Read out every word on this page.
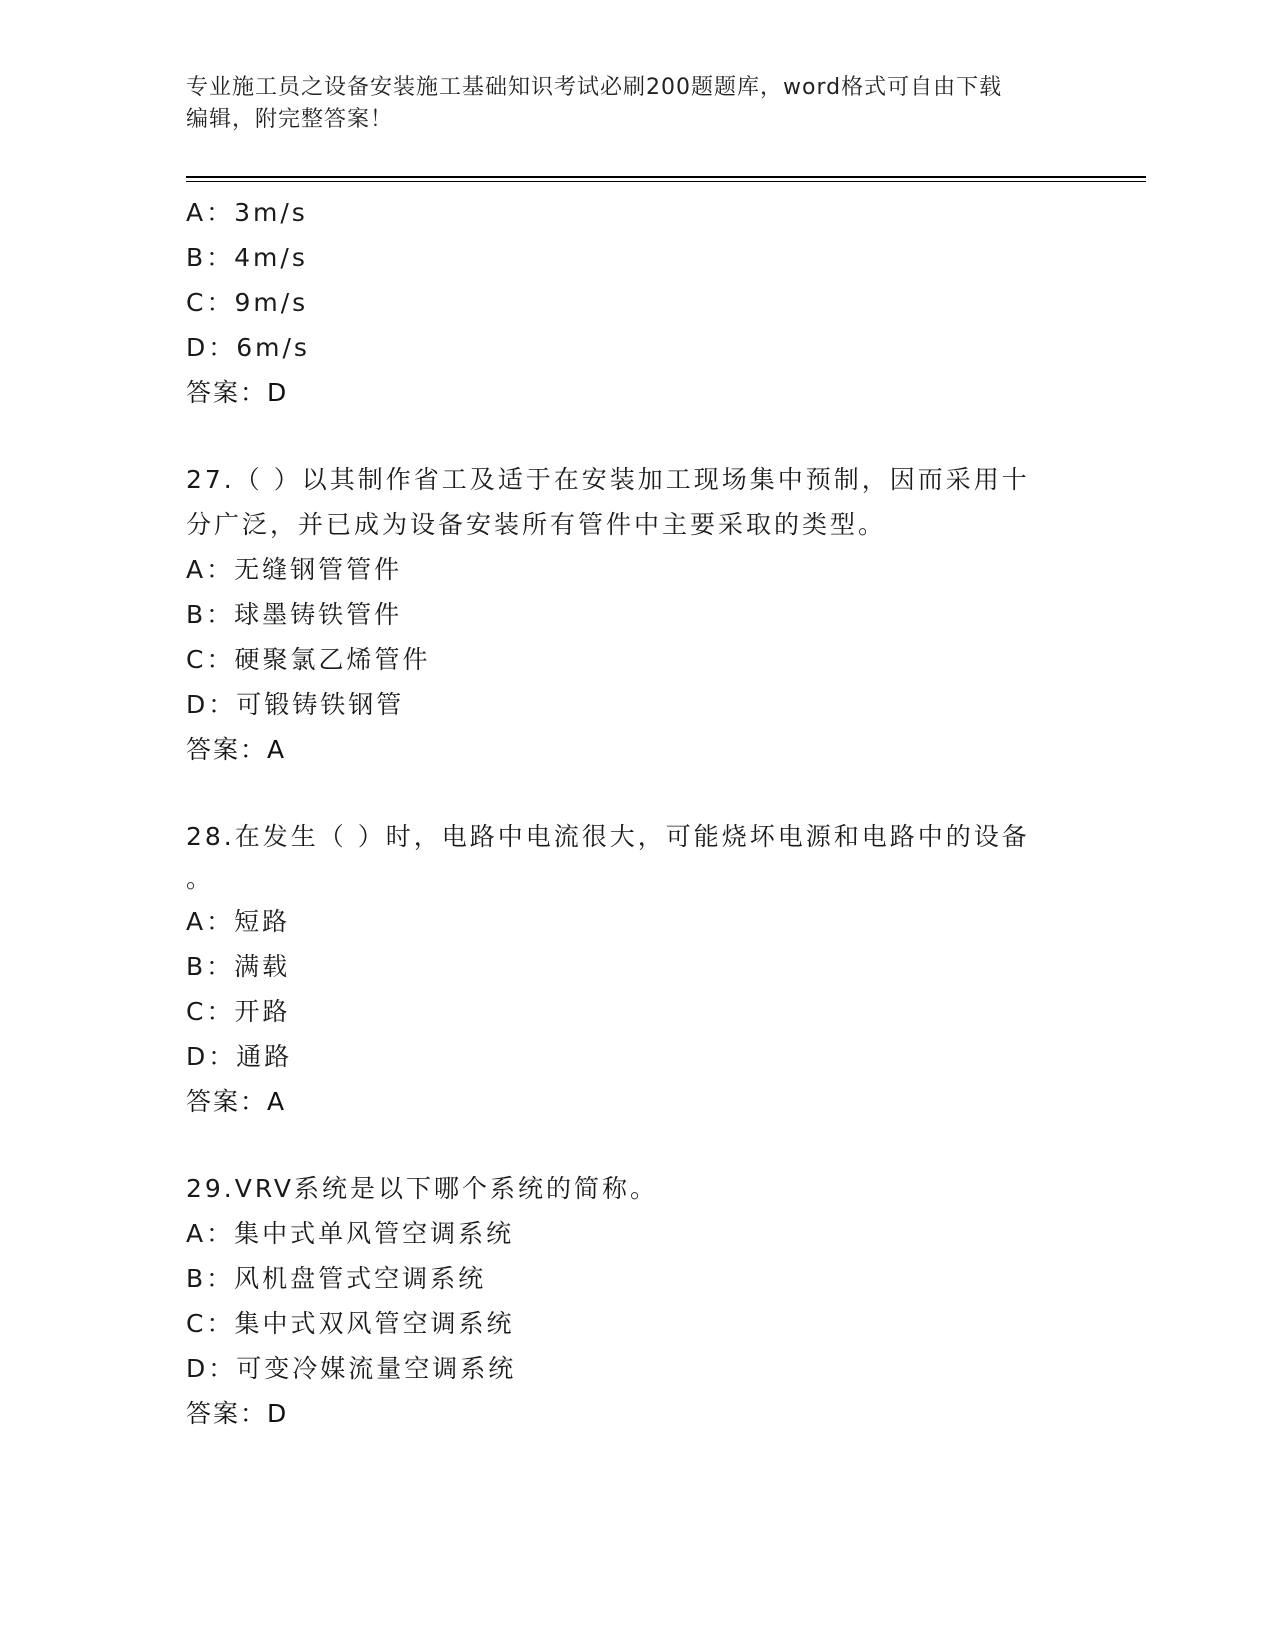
专业施工员之设备安装施工基础知识考试必刷200题题库，word格式可自由下载
编辑，附完整答案！
A：3m/s
B：4m/s
C：9m/s
D：6m/s
答案：D
27.（ ）以其制作省工及适于在安装加工现场集中预制，因而采用十
分广泛，并已成为设备安装所有管件中主要采取的类型。
A：无缝钢管管件
B：球墨铸铁管件
C：硬聚氯乙烯管件
D：可锻铸铁钢管
答案：A
28.在发生（ ）时，电路中电流很大，可能烧坏电源和电路中的设备
。
A：短路
B：满载
C：开路
D：通路
答案：A
29.VRV系统是以下哪个系统的简称。
A：集中式单风管空调系统
B：风机盘管式空调系统
C：集中式双风管空调系统
D：可变冷媒流量空调系统
答案：D
